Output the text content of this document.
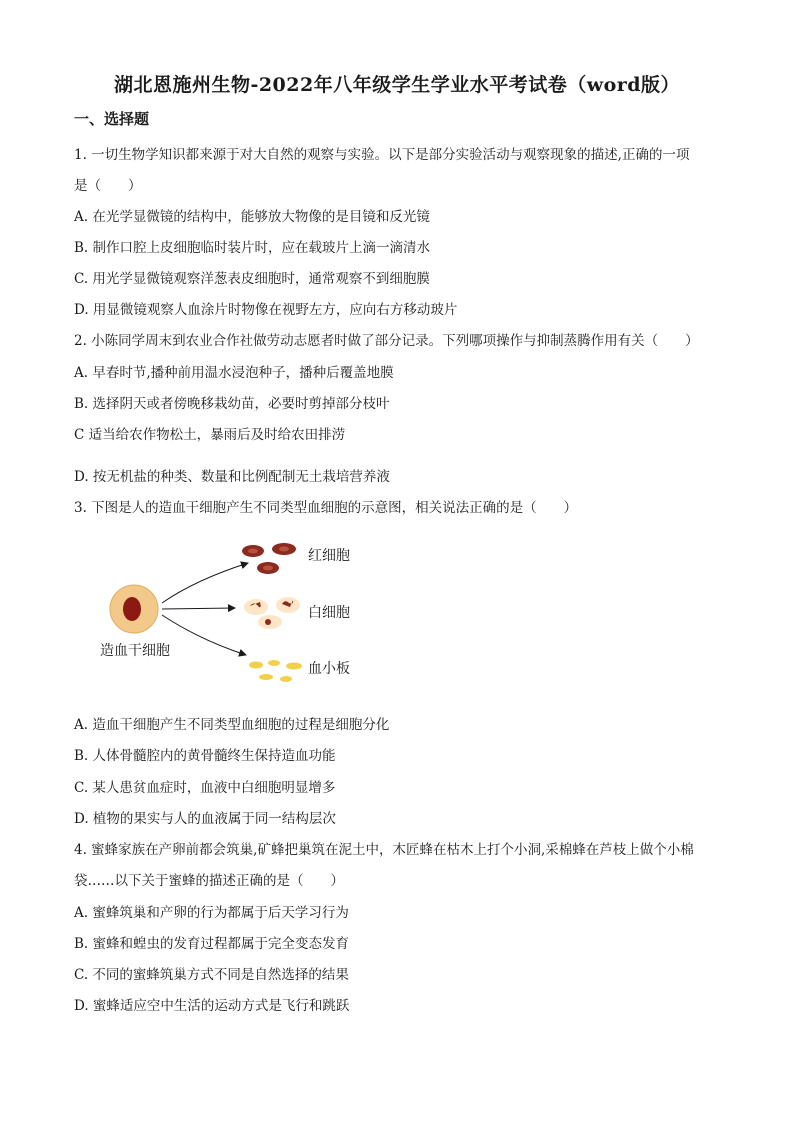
湖北恩施州生物-2022年八年级学生学业水平考试卷（word版）
一、选择题
1. 一切生物学知识都来源于对大自然的观察与实验。以下是部分实验活动与观察现象的描述,正确的一项
是（　　）
A. 在光学显微镜的结构中，能够放大物像的是目镜和反光镜
B. 制作口腔上皮细胞临时装片时，应在载玻片上滴一滴清水
C. 用光学显微镜观察洋葱表皮细胞时，通常观察不到细胞膜
D. 用显微镜观察人血涂片时物像在视野左方，应向右方移动玻片
2. 小陈同学周末到农业合作社做劳动志愿者时做了部分记录。下列哪项操作与抑制蒸腾作用有关（　　）
A. 早春时节,播种前用温水浸泡种子，播种后覆盖地膜
B. 选择阴天或者傍晚移栽幼苗，必要时剪掉部分枝叶
C 适当给农作物松土，暴雨后及时给农田排涝
D. 按无机盐的种类、数量和比例配制无土栽培营养液
3. 下图是人的造血干细胞产生不同类型血细胞的示意图，相关说法正确的是（　　）
造血干细胞
红细胞
白细胞
血小板
A. 造血干细胞产生不同类型血细胞的过程是细胞分化
B. 人体骨髓腔内的黄骨髓终生保持造血功能
C. 某人患贫血症时，血液中白细胞明显增多
D. 植物的果实与人的血液属于同一结构层次
4. 蜜蜂家族在产卵前都会筑巢,矿蜂把巢筑在泥土中，木匠蜂在枯木上打个小洞,采棉蜂在芦枝上做个小棉
袋……以下关于蜜蜂的描述正确的是（　　）
A. 蜜蜂筑巢和产卵的行为都属于后天学习行为
B. 蜜蜂和蝗虫的发育过程都属于完全变态发育
C. 不同的蜜蜂筑巢方式不同是自然选择的结果
D. 蜜蜂适应空中生活的运动方式是飞行和跳跃
